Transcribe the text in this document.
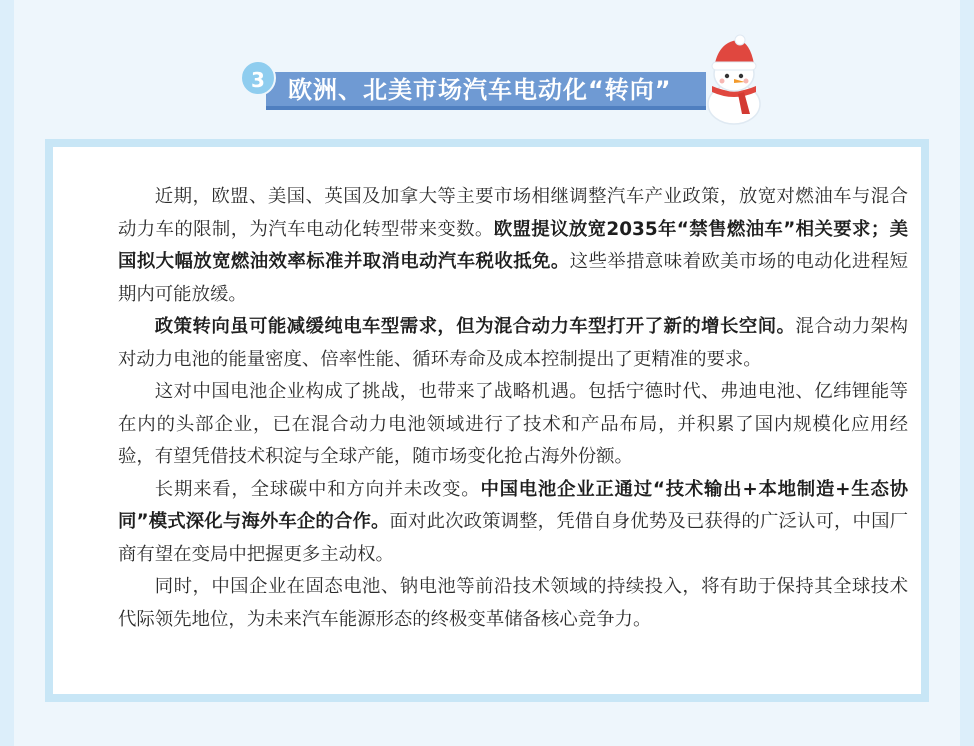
欧洲、北美市场汽车电动化“转向”
3

近期，欧盟、美国、英国及加拿大等主要市场相继调整汽车产业政策，放宽对燃油车与混合动力车的限制，为汽车电动化转型带来变数。欧盟提议放宽2035年“禁售燃油车”相关要求；美国拟大幅放宽燃油效率标准并取消电动汽车税收抵免。这些举措意味着欧美市场的电动化进程短期内可能放缓。

政策转向虽可能减缓纯电车型需求，但为混合动力车型打开了新的增长空间。混合动力架构对动力电池的能量密度、倍率性能、循环寿命及成本控制提出了更精准的要求。

这对中国电池企业构成了挑战，也带来了战略机遇。包括宁德时代、弗迪电池、亿纬锂能等在内的头部企业，已在混合动力电池领域进行了技术和产品布局，并积累了国内规模化应用经验，有望凭借技术积淀与全球产能，随市场变化抢占海外份额。

长期来看，全球碳中和方向并未改变。中国电池企业正通过“技术输出+本地制造+生态协同”模式深化与海外车企的合作。面对此次政策调整，凭借自身优势及已获得的广泛认可，中国厂商有望在变局中把握更多主动权。

同时，中国企业在固态电池、钠电池等前沿技术领域的持续投入，将有助于保持其全球技术代际领先地位，为未来汽车能源形态的终极变革储备核心竞争力。
